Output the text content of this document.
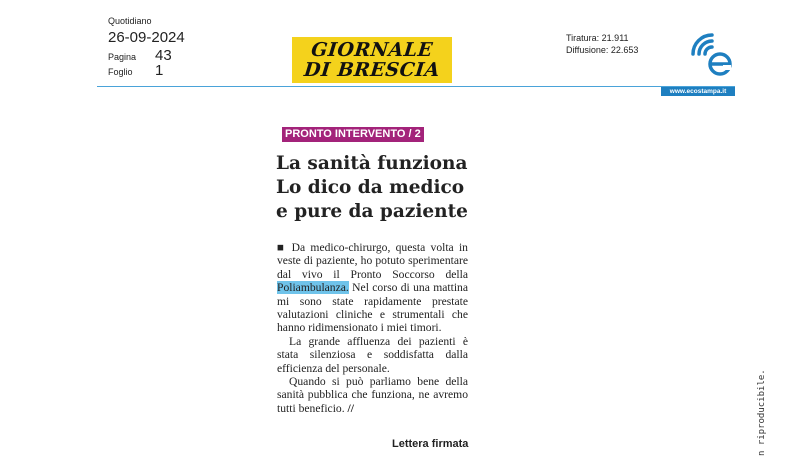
Quotidiano
26-09-2024
Pagina 43
Foglio 1
GIORNALE
DI BRESCIA
Tiratura: 21.911
Diffusione: 22.653
www.ecostampa.it
PRONTO INTERVENTO / 2
La sanità funziona
Lo dico da medico
e pure da paziente

■ Da medico-chirurgo, questa volta in veste di paziente, ho potuto sperimentare dal vivo il Pronto Soccorso della Poliambulanza. Nel corso di una mattina mi sono state rapidamente prestate valutazioni cliniche e strumentali che hanno ridimensionato i miei timori.

La grande affluenza dei pazienti è stata silenziosa e soddisfatta dalla efficienza del personale.

Quando si può parliamo bene della sanità pubblica che funziona, ne avremo tutti beneficio. //

Lettera firmata	n riproducibile.
